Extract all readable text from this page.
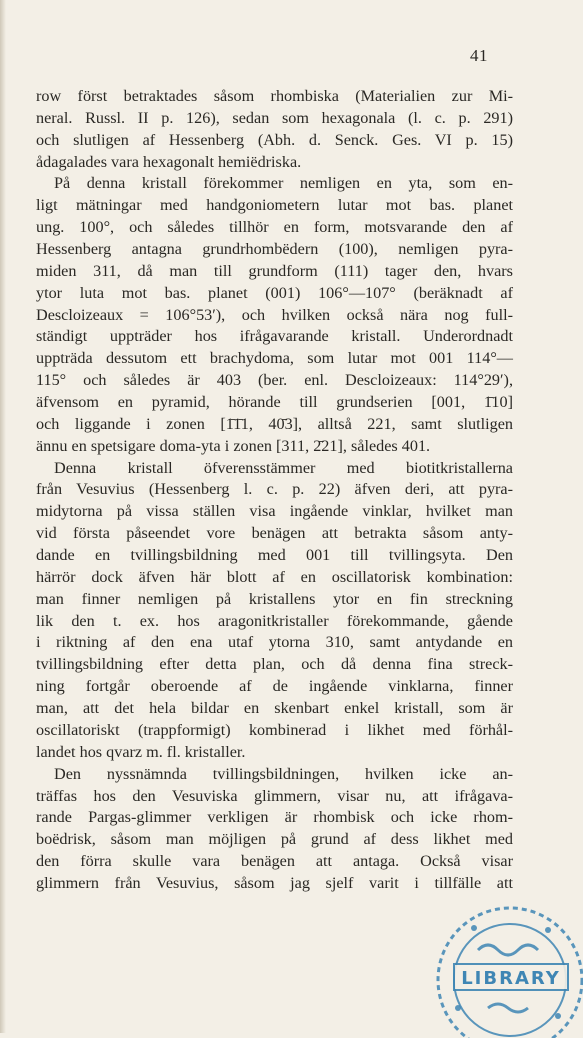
41
row först betraktades såsom rhombiska (Materialien zur Mi-
neral. Russl. II p. 126), sedan som hexagonala (l. c. p. 291)
och slutligen af Hessenberg (Abh. d. Senck. Ges. VI p. 15)
ådagalades vara hexagonalt hemiëdriska.
På denna kristall förekommer nemligen en yta, som en-
ligt mätningar med handgoniometern lutar mot bas. planet
ung. 100°, och således tillhör en form, motsvarande den af
Hessenberg antagna grundrhombëdern (100), nemligen pyra-
miden 311, då man till grundform (111) tager den, hvars
ytor luta mot bas. planet (001) 106°—107° (beräknadt af
Descloizeaux = 106°53′), och hvilken också nära nog full-
ständigt uppträder hos ifrågavarande kristall. Underordnadt
uppträda dessutom ett brachydoma, som lutar mot 001 114°—
115° och således är 403 (ber. enl. Descloizeaux: 114°29′),
äfvensom en pyramid, hörande till grundserien [001, 1̄10]
och liggande i zonen [1̄1̄1, 40̄3], alltså 221, samt slutligen
ännu en spetsigare doma-yta i zonen [311, 2̄21], således 401.
Denna kristall öfverensstämmer med biotitkristallerna
från Vesuvius (Hessenberg l. c. p. 22) äfven deri, att pyra-
midytorna på vissa ställen visa ingående vinklar, hvilket man
vid första påseendet vore benägen att betrakta såsom anty-
dande en tvillingsbildning med 001 till tvillingsyta. Den
härrör dock äfven här blott af en oscillatorisk kombination:
man finner nemligen på kristallens ytor en fin streckning
lik den t. ex. hos aragonitkristaller förekommande, gående
i riktning af den ena utaf ytorna 310, samt antydande en
tvillingsbildning efter detta plan, och då denna fina streck-
ning fortgår oberoende af de ingående vinklarna, finner
man, att det hela bildar en skenbart enkel kristall, som är
oscillatoriskt (trappformigt) kombinerad i likhet med förhål-
landet hos qvarz m. fl. kristaller.
Den nyssnämnda tvillingsbildningen, hvilken icke an-
träffas hos den Vesuviska glimmern, visar nu, att ifrågava-
rande Pargas-glimmer verkligen är rhombisk och icke rhom-
boëdrisk, såsom man möjligen på grund af dess likhet med
den förra skulle vara benägen att antaga. Också visar
glimmern från Vesuvius, såsom jag sjelf varit i tillfälle att
LIBRARY
